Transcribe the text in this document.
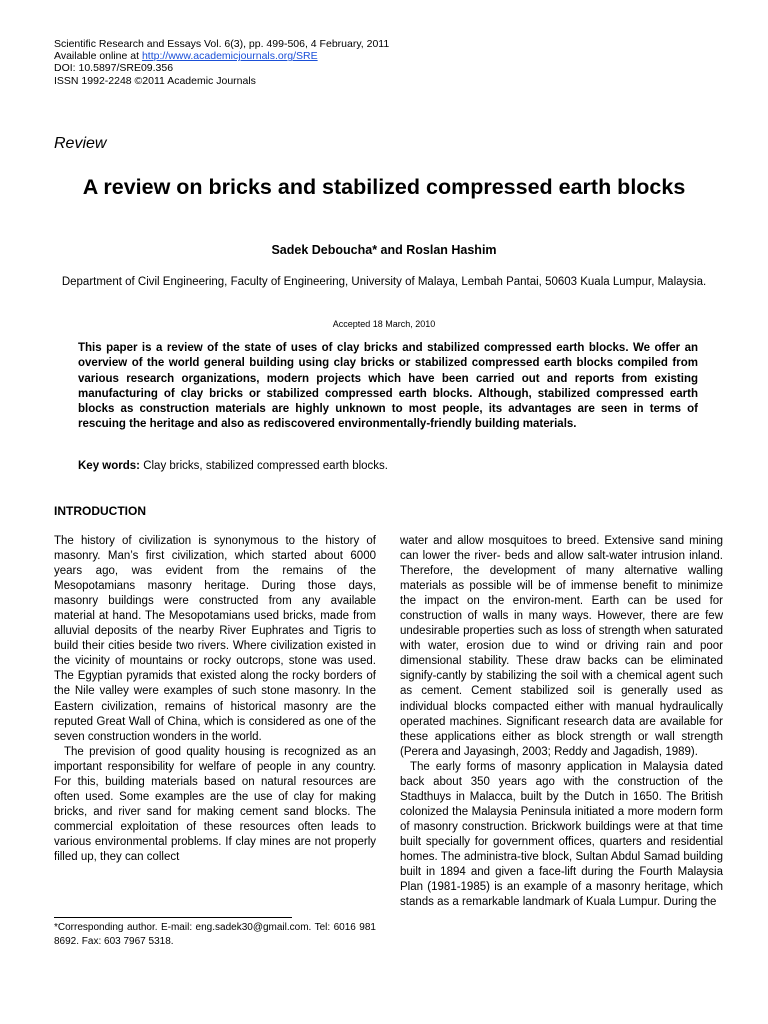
Scientific Research and Essays Vol. 6(3), pp. 499-506, 4 February, 2011
Available online at http://www.academicjournals.org/SRE
DOI: 10.5897/SRE09.356
ISSN 1992-2248 ©2011 Academic Journals
Review
A review on bricks and stabilized compressed earth blocks
Sadek Deboucha* and Roslan Hashim
Department of Civil Engineering, Faculty of Engineering, University of Malaya, Lembah Pantai, 50603 Kuala Lumpur, Malaysia.
Accepted 18 March, 2010
This paper is a review of the state of uses of clay bricks and stabilized compressed earth blocks. We offer an overview of the world general building using clay bricks or stabilized compressed earth blocks compiled from various research organizations, modern projects which have been carried out and reports from existing manufacturing of clay bricks or stabilized compressed earth blocks. Although, stabilized compressed earth blocks as construction materials are highly unknown to most people, its advantages are seen in terms of rescuing the heritage and also as rediscovered environmentally-friendly building materials.
Key words: Clay bricks, stabilized compressed earth blocks.
INTRODUCTION

The history of civilization is synonymous to the history of masonry. Man’s first civilization, which started about 6000 years ago, was evident from the remains of the Mesopotamians masonry heritage. During those days, masonry buildings were constructed from any available material at hand. The Mesopotamians used bricks, made from alluvial deposits of the nearby River Euphrates and Tigris to build their cities beside two rivers. Where civilization existed in the vicinity of mountains or rocky outcrops, stone was used. The Egyptian pyramids that existed along the rocky borders of the Nile valley were examples of such stone masonry. In the Eastern civilization, remains of historical masonry are the reputed Great Wall of China, which is considered as one of the seven construction wonders in the world.

The prevision of good quality housing is recognized as an important responsibility for welfare of people in any country. For this, building materials based on natural resources are often used. Some examples are the use of clay for making bricks, and river sand for making cement sand blocks. The commercial exploitation of these resources often leads to various environmental problems. If clay mines are not properly filled up, they can collect

water and allow mosquitoes to breed. Extensive sand mining can lower the river- beds and allow salt-water intrusion inland. Therefore, the development of many alternative walling materials as possible will be of immense benefit to minimize the impact on the environ-ment. Earth can be used for construction of walls in many ways. However, there are few undesirable properties such as loss of strength when saturated with water, erosion due to wind or driving rain and poor dimensional stability. These draw backs can be eliminated signify-cantly by stabilizing the soil with a chemical agent such as cement. Cement stabilized soil is generally used as individual blocks compacted either with manual hydraulically operated machines. Significant research data are available for these applications either as block strength or wall strength (Perera and Jayasingh, 2003; Reddy and Jagadish, 1989).

The early forms of masonry application in Malaysia dated back about 350 years ago with the construction of the Stadthuys in Malacca, built by the Dutch in 1650. The British colonized the Malaysia Peninsula initiated a more modern form of masonry construction. Brickwork buildings were at that time built specially for government offices, quarters and residential homes. The administra-tive block, Sultan Abdul Samad building built in 1894 and given a face-lift during the Fourth Malaysia Plan (1981-1985) is an example of a masonry heritage, which stands as a remarkable landmark of Kuala Lumpur. During the

*Corresponding author. E-mail: eng.sadek30@gmail.com. Tel: 6016 981 8692. Fax: 603 7967 5318.
